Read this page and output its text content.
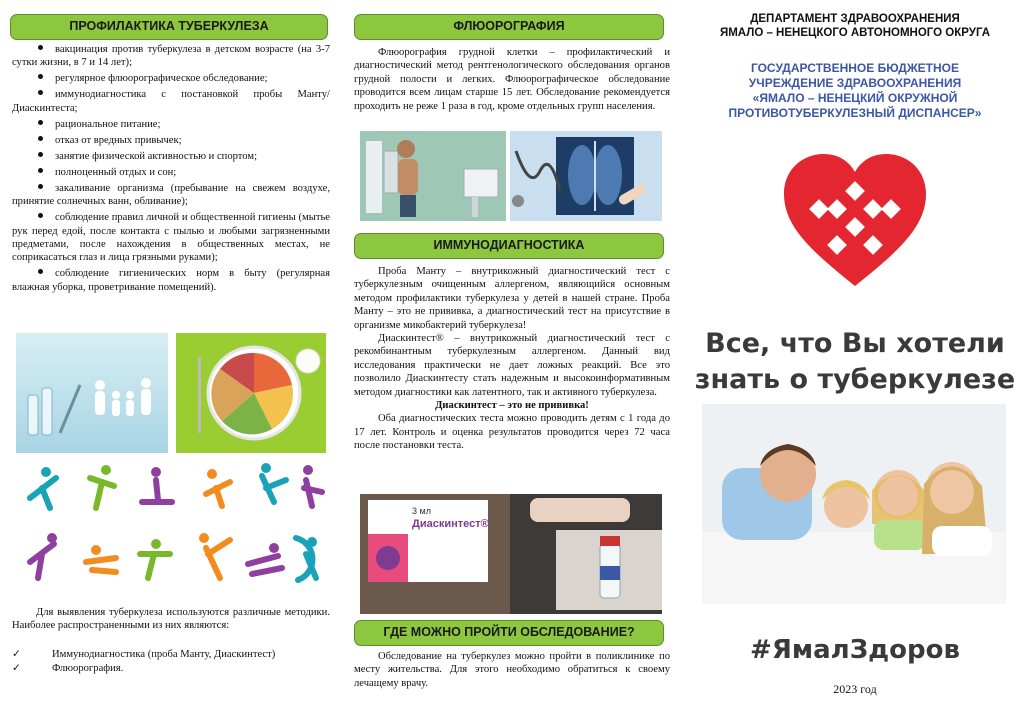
ПРОФИЛАКТИКА ТУБЕРКУЛЕЗА
вакцинация против туберкулеза в детском возрасте (на 3-7 сутки жизни, в 7 и 14 лет);
регулярное флюорографическое обследование;
иммунодиагностика с постановкой пробы Манту/Диаскинтеста;
рациональное питание;
отказ от вредных привычек;
занятие физической активностью и спортом;
полноценный отдых и сон;
закаливание организма (пребывание на свежем воздухе, принятие солнечных ванн, обливание);
соблюдение правил личной и общественной гигиены (мытье рук перед едой, после контакта с пылью и любыми загрязненными предметами, после нахождения в общественных местах, не соприкасаться глаз и лица грязными руками);
соблюдение гигиенических норм в быту (регулярная влажная уборка, проветривание помещений).
Для выявления туберкулеза используются различные методики. Наиболее распространенными из них являются:
✓	Иммунодиагностика (проба Манту, Диаскинтест)
✓	Флюорография.
ФЛЮОРОГРАФИЯ
Флюорография грудной клетки – профилактический и диагностический метод рентгенологического обследования органов грудной полости и легких. Флюорографическое обследование проводится всем лицам старше 15 лет. Обследование рекомендуется проходить не реже 1 раза в год, кроме отдельных групп населения.
ИММУНОДИАГНОСТИКА

Проба Манту – внутрикожный диагностический тест с туберкулезным очищенным аллергеном, являющийся основным методом профилактики туберкулеза у детей в нашей стране. Проба Манту – это не прививка, а диагностический тест на присутствие в организме микобактерий туберкулеза!

Диаскинтест® – внутрикожный диагностический тест с рекомбинантным туберкулезным аллергеном. Данный вид исследования практически не дает ложных реакций. Все это позволило Диаскинтесту стать надежным и высокоинформативным методом диагностики как латентного, так и активного туберкулеза.

Диаскинтест – это не прививка!

Оба диагностических теста можно проводить детям с 1 года до 17 лет. Контроль и оценка результатов проводится через 72 часа после постановки теста.

3 мл
Диаскинтест®
ГДЕ МОЖНО ПРОЙТИ ОБСЛЕДОВАНИЕ?
Обследование на туберкулез можно пройти в поликлинике по месту жительства. Для этого необходимо обратиться к своему лечащему врачу.
ДЕПАРТАМЕНТ ЗДРАВООХРАНЕНИЯ
ЯМАЛО – НЕНЕЦКОГО АВТОНОМНОГО ОКРУГА
ГОСУДАРСТВЕННОЕ БЮДЖЕТНОЕ
УЧРЕЖДЕНИЕ ЗДРАВООХРАНЕНИЯ
«ЯМАЛО – НЕНЕЦКИЙ ОКРУЖНОЙ
ПРОТИВОТУБЕРКУЛЕЗНЫЙ ДИСПАНСЕР»
Все, что Вы хотели
знать о туберкулезе
#ЯмалЗдоров
2023 год
